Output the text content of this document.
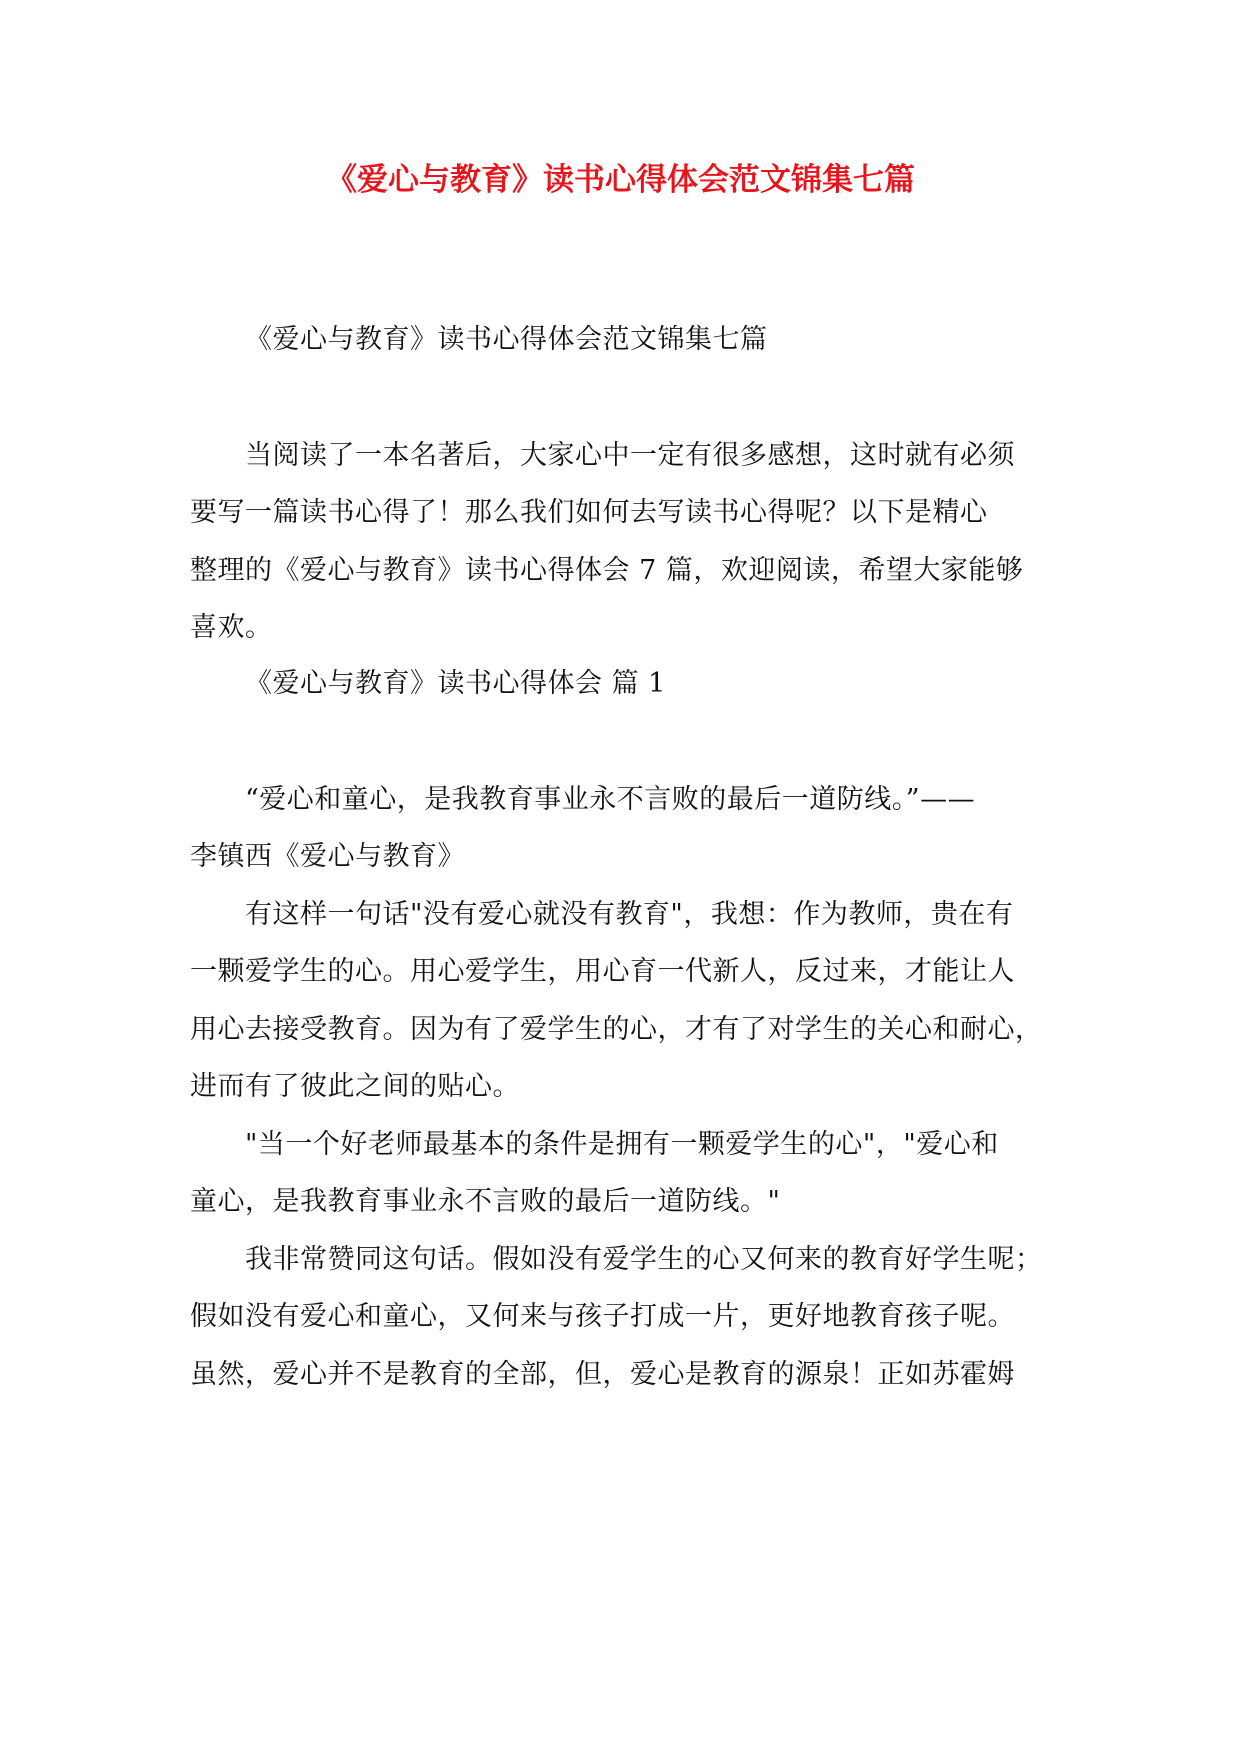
《爱心与教育》读书心得体会范文锦集七篇

《爱心与教育》读书心得体会范文锦集七篇

当阅读了一本名著后，大家心中一定有很多感想，这时就有必须

要写一篇读书心得了！那么我们如何去写读书心得呢？以下是精心

整理的《爱心与教育》读书心得体会 7 篇，欢迎阅读，希望大家能够

喜欢。

《爱心与教育》读书心得体会 篇 1

“爱心和童心，是我教育事业永不言败的最后一道防线。”——

李镇西《爱心与教育》

有这样一句话"没有爱心就没有教育"，我想：作为教师，贵在有

一颗爱学生的心。用心爱学生，用心育一代新人，反过来，才能让人

用心去接受教育。因为有了爱学生的心，才有了对学生的关心和耐心，

进而有了彼此之间的贴心。

"当一个好老师最基本的条件是拥有一颗爱学生的心"，"爱心和

童心，是我教育事业永不言败的最后一道防线。"

我非常赞同这句话。假如没有爱学生的心又何来的教育好学生呢；

假如没有爱心和童心，又何来与孩子打成一片，更好地教育孩子呢。

虽然，爱心并不是教育的全部，但，爱心是教育的源泉！正如苏霍姆
